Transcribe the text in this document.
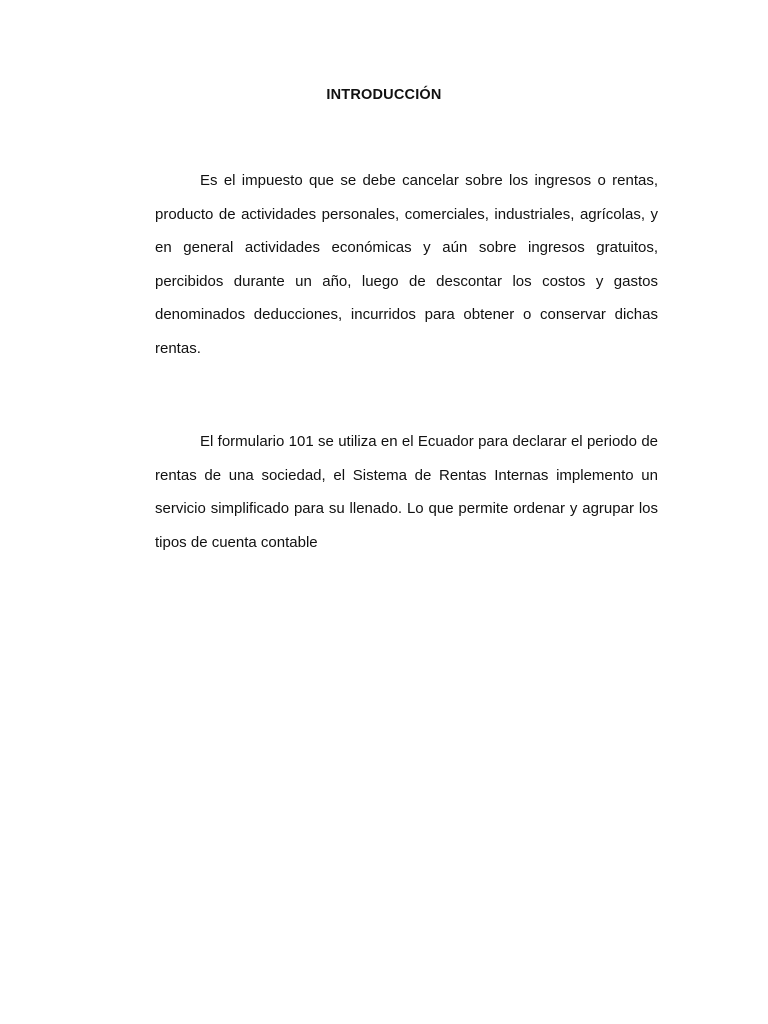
INTRODUCCIÓN

Es el impuesto que se debe cancelar sobre los ingresos o rentas, producto de actividades personales, comerciales, industriales, agrícolas, y en general actividades económicas y aún sobre ingresos gratuitos, percibidos durante un año, luego de descontar los costos y gastos denominados deducciones, incurridos para obtener o conservar dichas rentas.

El formulario 101 se utiliza en el Ecuador para declarar el periodo de rentas de una sociedad, el Sistema de Rentas Internas implemento un servicio simplificado para su llenado. Lo que permite ordenar y agrupar los tipos de cuenta contable
